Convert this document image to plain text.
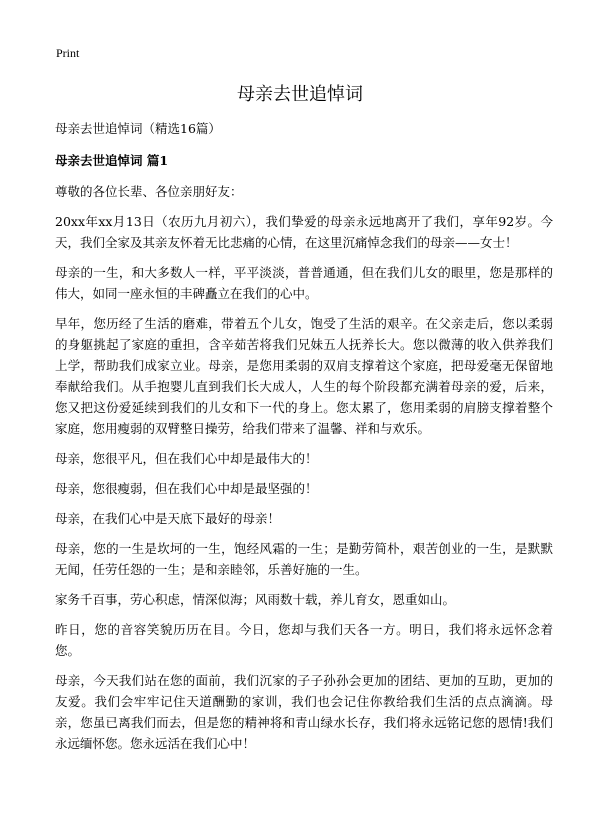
Print
母亲去世追悼词

母亲去世追悼词（精选16篇）

母亲去世追悼词 篇1

尊敬的各位长辈、各位亲朋好友：

20xx年xx月13日（农历九月初六），我们挚爱的母亲永远地离开了我们，享年92岁。今天，我们全家及其亲友怀着无比悲痛的心情，在这里沉痛悼念我们的母亲——女士！

母亲的一生，和大多数人一样，平平淡淡，普普通通，但在我们儿女的眼里，您是那样的伟大，如同一座永恒的丰碑矗立在我们的心中。

早年，您历经了生活的磨难，带着五个儿女，饱受了生活的艰辛。在父亲走后，您以柔弱的身躯挑起了家庭的重担，含辛茹苦将我们兄妹五人抚养长大。您以微薄的收入供养我们上学，帮助我们成家立业。母亲，是您用柔弱的双肩支撑着这个家庭，把母爱毫无保留地奉献给我们。从手抱婴儿直到我们长大成人，人生的每个阶段都充满着母亲的爱，后来，您又把这份爱延续到我们的儿女和下一代的身上。您太累了，您用柔弱的肩膀支撑着整个家庭，您用瘦弱的双臂整日操劳，给我们带来了温馨、祥和与欢乐。

母亲，您很平凡，但在我们心中却是最伟大的！

母亲，您很瘦弱，但在我们心中却是最坚强的！

母亲，在我们心中是天底下最好的母亲！

母亲，您的一生是坎坷的一生，饱经风霜的一生；是勤劳简朴，艰苦创业的一生，是默默无闻，任劳任怨的一生；是和亲睦邻，乐善好施的一生。

家务千百事，劳心积虑，情深似海；风雨数十载，养儿育女，恩重如山。

昨日，您的音容笑貌历历在目。今日，您却与我们天各一方。明日，我们将永远怀念着您。

母亲，今天我们站在您的面前，我们沉家的子子孙孙会更加的团结、更加的互助，更加的友爱。我们会牢牢记住天道酬勤的家训，我们也会记住你教给我们生活的点点滴滴。母亲，您虽已离我们而去，但是您的精神将和青山绿水长存，我们将永远铭记您的恩情!我们永远缅怀您。您永远活在我们心中！
